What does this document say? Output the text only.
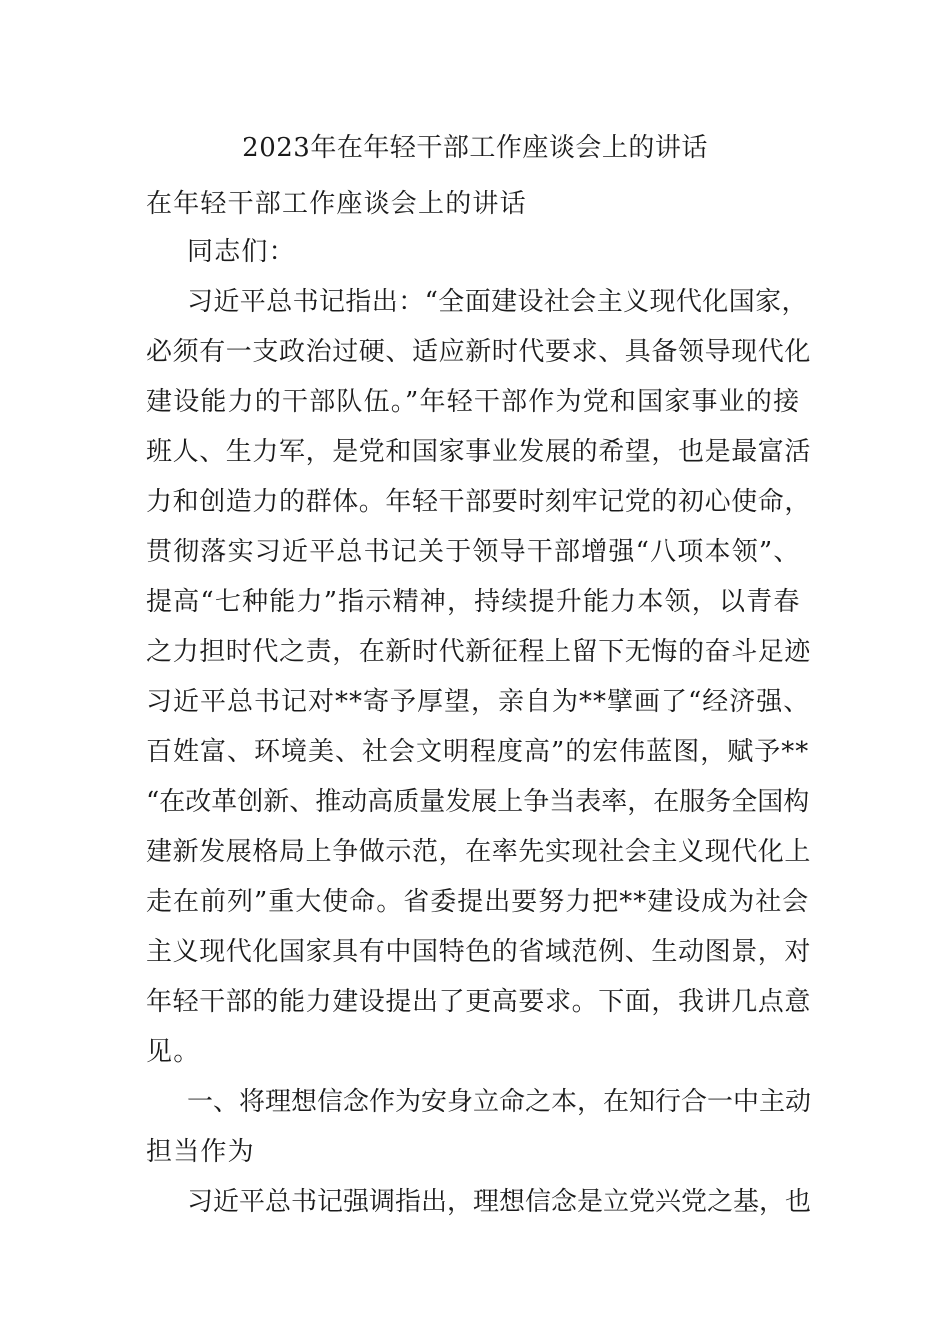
2023年在年轻干部工作座谈会上的讲话
在年轻干部工作座谈会上的讲话
同志们：
习近平总书记指出：“全面建设社会主义现代化国家，
必须有一支政治过硬、适应新时代要求、具备领导现代化
建设能力的干部队伍。”年轻干部作为党和国家事业的接
班人、生力军，是党和国家事业发展的希望，也是最富活
力和创造力的群体。年轻干部要时刻牢记党的初心使命，
贯彻落实习近平总书记关于领导干部增强“八项本领”、
提高“七种能力”指示精神，持续提升能力本领，以青春
之力担时代之责，在新时代新征程上留下无悔的奋斗足迹
习近平总书记对**寄予厚望，亲自为**擘画了“经济强、
百姓富、环境美、社会文明程度高”的宏伟蓝图，赋予**
“在改革创新、推动高质量发展上争当表率，在服务全国构
建新发展格局上争做示范，在率先实现社会主义现代化上
走在前列”重大使命。省委提出要努力把**建设成为社会
主义现代化国家具有中国特色的省域范例、生动图景，对
年轻干部的能力建设提出了更高要求。下面，我讲几点意
见。
一、将理想信念作为安身立命之本，在知行合一中主动
担当作为
习近平总书记强调指出，理想信念是立党兴党之基，也
